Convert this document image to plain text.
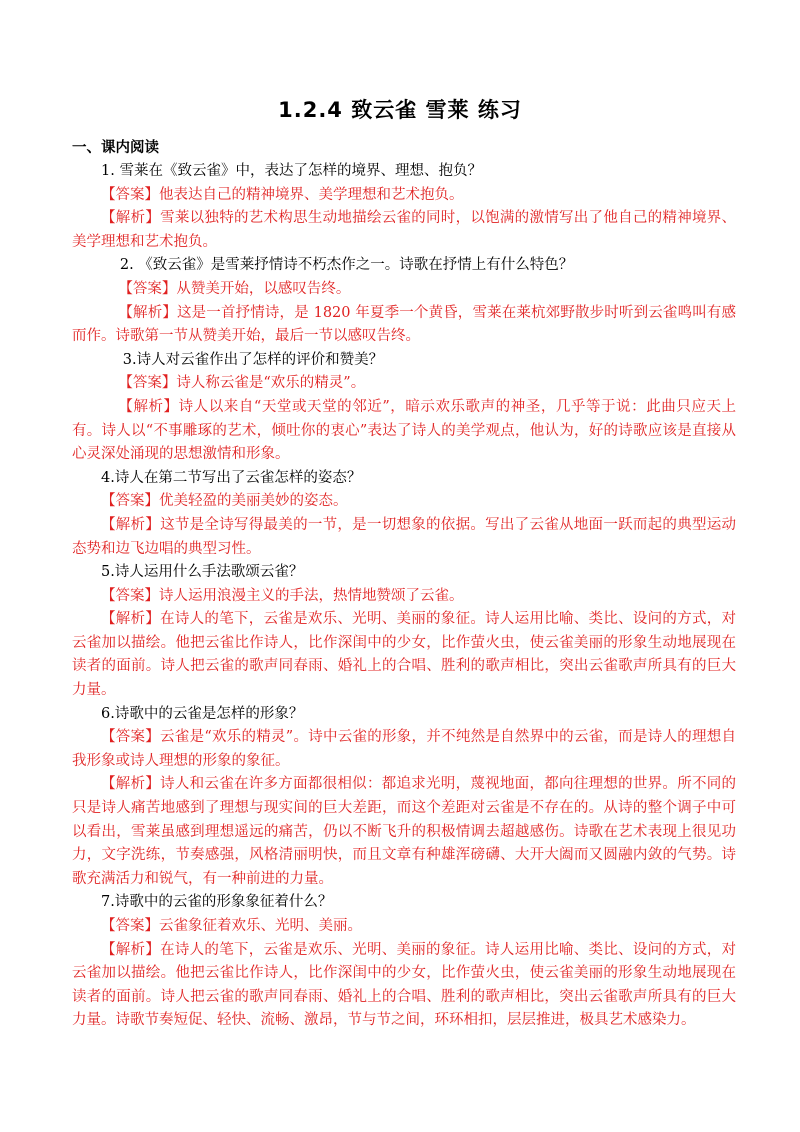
1.2.4 致云雀 雪莱 练习
一、课内阅读

1. 雪莱在《致云雀》中，表达了怎样的境界、理想、抱负？

【答案】他表达自己的精神境界、美学理想和艺术抱负。

【解析】雪莱以独特的艺术构思生动地描绘云雀的同时，以饱满的激情写出了他自己的精神境界、美学理想和艺术抱负。

2. 《致云雀》是雪莱抒情诗不朽杰作之一。诗歌在抒情上有什么特色？

【答案】从赞美开始，以感叹告终。

【解析】这是一首抒情诗，是 1820 年夏季一个黄昏，雪莱在莱杭郊野散步时听到云雀鸣叫有感而作。诗歌第一节从赞美开始，最后一节以感叹告终。

3.诗人对云雀作出了怎样的评价和赞美？

【答案】诗人称云雀是“欢乐的精灵”。

【解析】诗人以来自“天堂或天堂的邻近”，暗示欢乐歌声的神圣，几乎等于说：此曲只应天上有。诗人以“不事雕琢的艺术，倾吐你的衷心”表达了诗人的美学观点，他认为，好的诗歌应该是直接从心灵深处涌现的思想激情和形象。

4.诗人在第二节写出了云雀怎样的姿态？

【答案】优美轻盈的美丽美妙的姿态。

【解析】这节是全诗写得最美的一节，是一切想象的依据。写出了云雀从地面一跃而起的典型运动态势和边飞边唱的典型习性。

5.诗人运用什么手法歌颂云雀？

【答案】诗人运用浪漫主义的手法，热情地赞颂了云雀。

【解析】在诗人的笔下，云雀是欢乐、光明、美丽的象征。诗人运用比喻、类比、设问的方式，对云雀加以描绘。他把云雀比作诗人，比作深闺中的少女，比作萤火虫，使云雀美丽的形象生动地展现在读者的面前。诗人把云雀的歌声同春雨、婚礼上的合唱、胜利的歌声相比，突出云雀歌声所具有的巨大力量。

6.诗歌中的云雀是怎样的形象？

【答案】云雀是“欢乐的精灵”。诗中云雀的形象，并不纯然是自然界中的云雀，而是诗人的理想自我形象或诗人理想的形象的象征。

【解析】诗人和云雀在许多方面都很相似：都追求光明，蔑视地面，都向往理想的世界。所不同的只是诗人痛苦地感到了理想与现实间的巨大差距，而这个差距对云雀是不存在的。从诗的整个调子中可以看出，雪莱虽感到理想遥远的痛苦，仍以不断飞升的积极情调去超越感伤。诗歌在艺术表现上很见功力，文字洗练，节奏感强，风格清丽明快，而且文章有种雄浑磅礴、大开大阖而又圆融内敛的气势。诗歌充满活力和锐气，有一种前进的力量。

7.诗歌中的云雀的形象象征着什么？

【答案】云雀象征着欢乐、光明、美丽。

【解析】在诗人的笔下，云雀是欢乐、光明、美丽的象征。诗人运用比喻、类比、设问的方式，对云雀加以描绘。他把云雀比作诗人，比作深闺中的少女，比作萤火虫，使云雀美丽的形象生动地展现在读者的面前。诗人把云雀的歌声同春雨、婚礼上的合唱、胜利的歌声相比，突出云雀歌声所具有的巨大力量。诗歌节奏短促、轻快、流畅、激昂，节与节之间，环环相扣，层层推进，极具艺术感染力。
